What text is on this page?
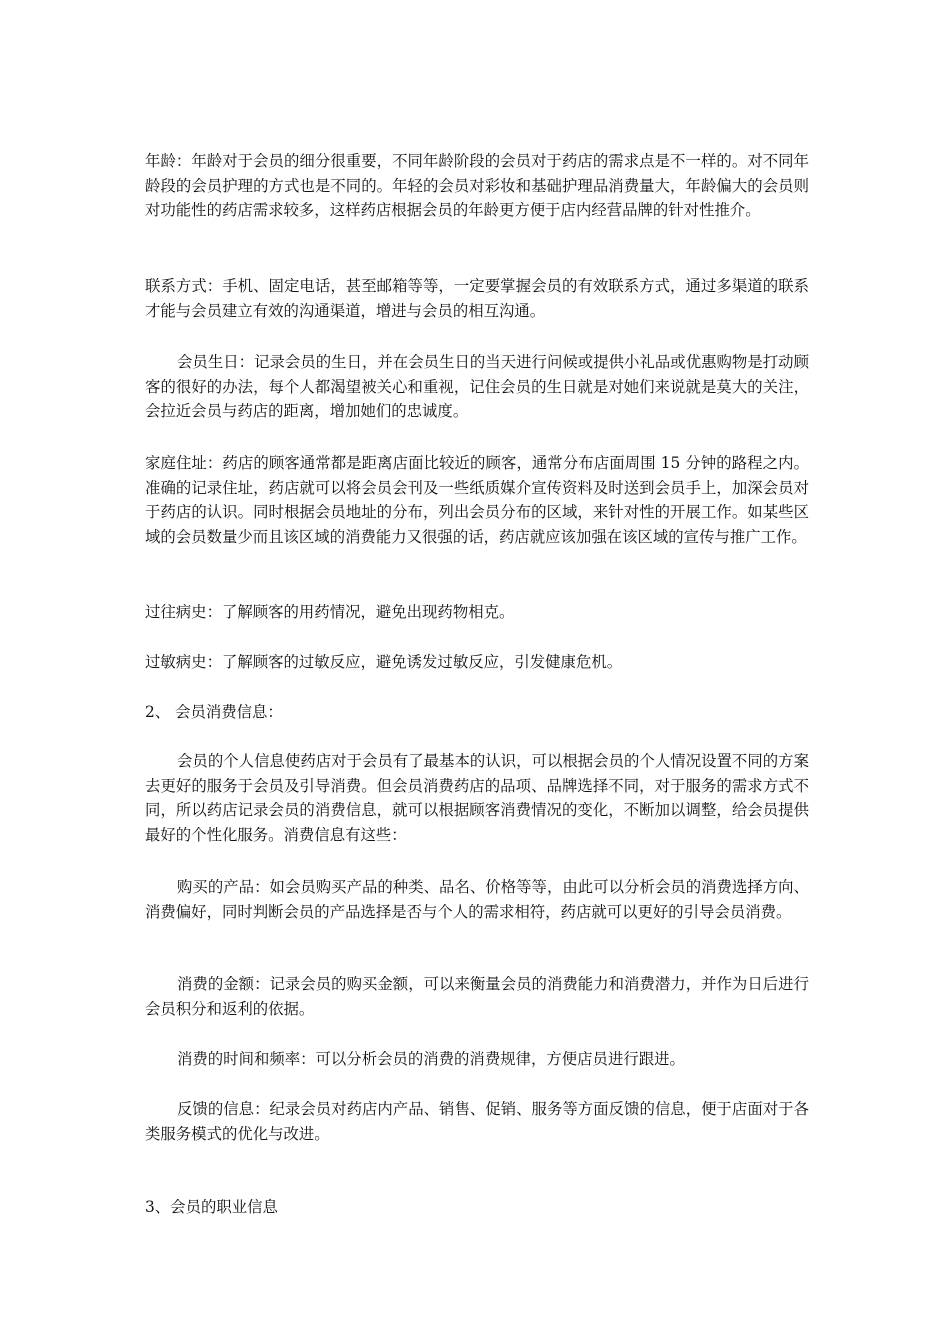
年龄：年龄对于会员的细分很重要，不同年龄阶段的会员对于药店的需求点是不一样的。对不同年龄段的会员护理的方式也是不同的。年轻的会员对彩妆和基础护理品消费量大，年龄偏大的会员则对功能性的药店需求较多，这样药店根据会员的年龄更方便于店内经营品牌的针对性推介。

联系方式：手机、固定电话，甚至邮箱等等，一定要掌握会员的有效联系方式，通过多渠道的联系才能与会员建立有效的沟通渠道，增进与会员的相互沟通。

会员生日：记录会员的生日，并在会员生日的当天进行问候或提供小礼品或优惠购物是打动顾客的很好的办法，每个人都渴望被关心和重视，记住会员的生日就是对她们来说就是莫大的关注，会拉近会员与药店的距离，增加她们的忠诚度。

家庭住址：药店的顾客通常都是距离店面比较近的顾客，通常分布店面周围 15 分钟的路程之内。准确的记录住址，药店就可以将会员会刊及一些纸质媒介宣传资料及时送到会员手上，加深会员对于药店的认识。同时根据会员地址的分布，列出会员分布的区域，来针对性的开展工作。如某些区域的会员数量少而且该区域的消费能力又很强的话，药店就应该加强在该区域的宣传与推广工作。

过往病史：了解顾客的用药情况，避免出现药物相克。

过敏病史：了解顾客的过敏反应，避免诱发过敏反应，引发健康危机。

2、 会员消费信息：

会员的个人信息使药店对于会员有了最基本的认识，可以根据会员的个人情况设置不同的方案去更好的服务于会员及引导消费。但会员消费药店的品项、品牌选择不同，对于服务的需求方式不同，所以药店记录会员的消费信息，就可以根据顾客消费情况的变化，不断加以调整，给会员提供最好的个性化服务。消费信息有这些：

购买的产品：如会员购买产品的种类、品名、价格等等，由此可以分析会员的消费选择方向、消费偏好，同时判断会员的产品选择是否与个人的需求相符，药店就可以更好的引导会员消费。

消费的金额：记录会员的购买金额，可以来衡量会员的消费能力和消费潜力，并作为日后进行会员积分和返利的依据。

消费的时间和频率：可以分析会员的消费的消费规律，方便店员进行跟进。

反馈的信息：纪录会员对药店内产品、销售、促销、服务等方面反馈的信息，便于店面对于各类服务模式的优化与改进。

3、会员的职业信息
